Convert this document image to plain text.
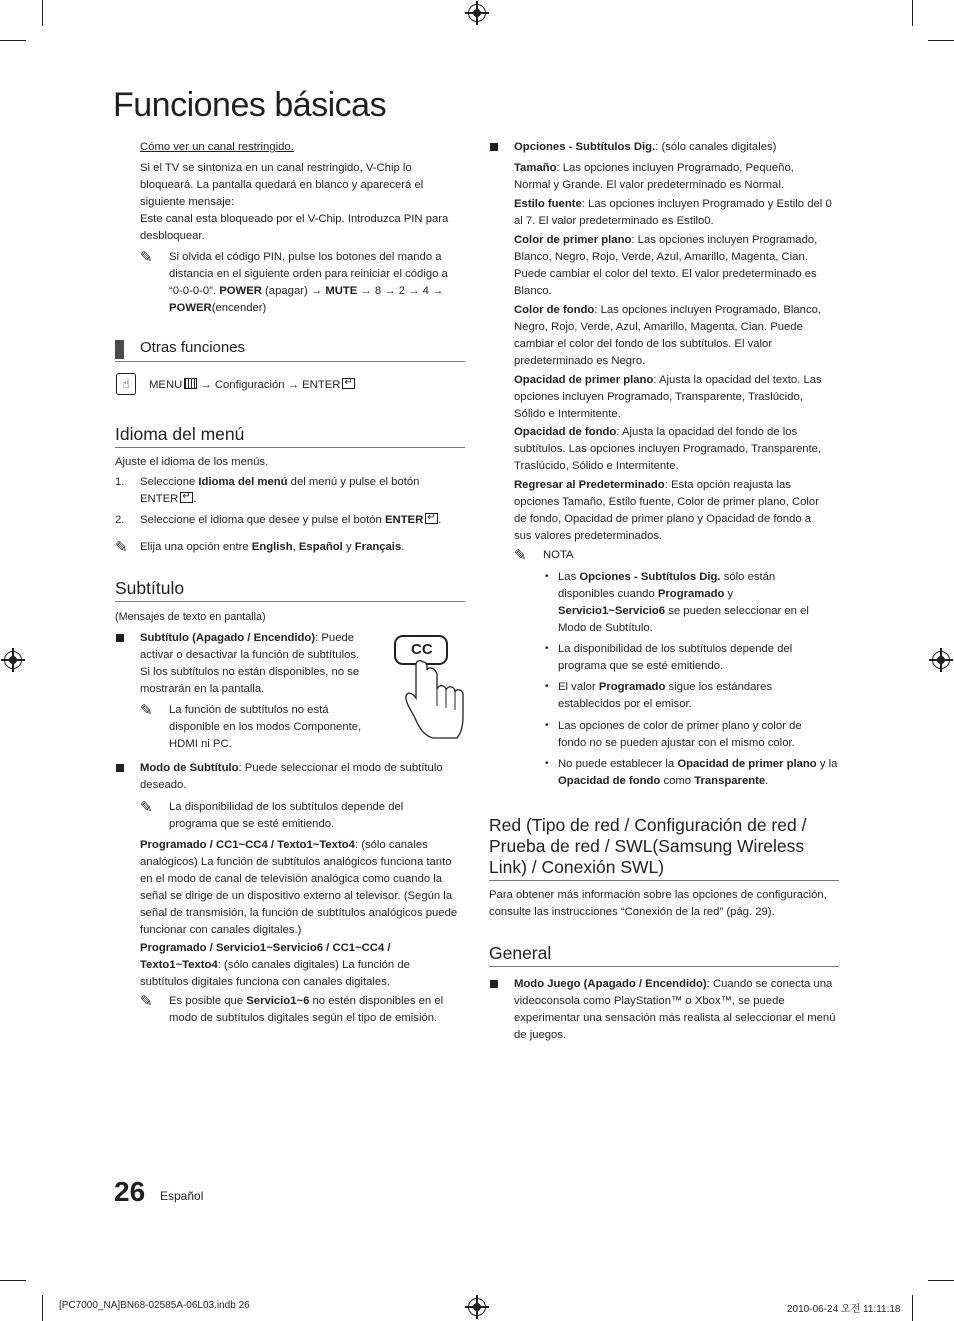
Funciones básicas
Cómo ver un canal restringido.
Si el TV se sintoniza en un canal restringido, V-Chip lo bloqueará. La pantalla quedará en blanco y aparecerá el siguiente mensaje:
Este canal esta bloqueado por el V-Chip. Introduzca PIN para desbloquear.
✎ Si olvida el código PIN, pulse los botones del mando a distancia en el siguiente orden para reiniciar el código a “0-0-0-0”. POWER (apagar) → MUTE → 8 → 2 → 4 → POWER(encender)
Otras funciones
☝	MENU → Configuración → ENTER↵
Idioma del menú
Ajuste el idioma de los menús.
1. Seleccione Idioma del menú del menú y pulse el botón ENTER ↵ .
2. Seleccione el idioma que desee y pulse el botón ENTER ↵ .
✎ Elija una opción entre English, Español y Français.
Subtítulo
(Mensajes de texto en pantalla)
Subtítulo (Apagado / Encendido): Puede activar o desactivar la función de subtítulos. Si los subtítulos no están disponibles, no se mostrarán en la pantalla.
✎ La función de subtítulos no está disponible en los modos Componente, HDMI ni PC.
CC
Modo de Subtítulo: Puede seleccionar el modo de subtítulo deseado.
✎ La disponibilidad de los subtítulos depende del programa que se esté emitiendo.
Programado / CC1~CC4 / Texto1~Texto4: (sólo canales analógicos) La función de subtítulos analógicos funciona tanto en el modo de canal de televisión analógica como cuando la señal se dirige de un dispositivo externo al televisor. (Según la señal de transmisión, la función de subtítulos analógicos puede funcionar con canales digitales.)
Programado / Servicio1~Servicio6 / CC1~CC4 / Texto1~Texto4: (sólo canales digitales) La función de subtítulos digitales funciona con canales digitales.
✎ Es posible que Servicio1~6 no estén disponibles en el modo de subtítulos digitales según el tipo de emisión.
Opciones - Subtítulos Dig.: (sólo canales digitales)
Tamaño: Las opciones incluyen Programado, Pequeño, Normal y Grande. El valor predeterminado es Normal.
Estilo fuente: Las opciones incluyen Programado y Estilo del 0 al 7. El valor predeterminado es Estilo0.
Color de primer plano: Las opciones incluyen Programado, Blanco, Negro, Rojo, Verde, Azul, Amarillo, Magenta, Cian. Puede cambiar el color del texto. El valor predeterminado es Blanco.
Color de fondo: Las opciones incluyen Programado, Blanco, Negro, Rojo, Verde, Azul, Amarillo, Magenta, Cian. Puede cambiar el color del fondo de los subtítulos. El valor predeterminado es Negro.
Opacidad de primer plano: Ajusta la opacidad del texto. Las opciones incluyen Programado, Transparente, Traslúcido, Sólido e Intermitente.
Opacidad de fondo: Ajusta la opacidad del fondo de los subtítulos. Las opciones incluyen Programado, Transparente, Traslúcido, Sólido e Intermitente.
Regresar al Predeterminado: Esta opción reajusta las opciones Tamaño, Estilo fuente, Color de primer plano, Color de fondo, Opacidad de primer plano y Opacidad de fondo a sus valores predeterminados.
✎ NOTA
• Las Opciones - Subtítulos Dig. sólo están disponibles cuando Programado y Servicio1~Servicio6 se pueden seleccionar en el Modo de Subtítulo.
• La disponibilidad de los subtítulos depende del programa que se esté emitiendo.
• El valor Programado sigue los estándares establecidos por el emisor.
• Las opciones de color de primer plano y color de fondo no se pueden ajustar con el mismo color.
• No puede establecer la Opacidad de primer plano y la Opacidad de fondo como Transparente.
Red (Tipo de red / Configuración de red / Prueba de red / SWL(Samsung Wireless Link) / Conexión SWL)
Para obtener más información sobre las opciones de configuración, consulte las instrucciones “Conexión de la red” (pág. 29).
General
Modo Juego (Apagado / Encendido): Cuando se conecta una videoconsola como PlayStation™ o Xbox™, se puede experimentar una sensación más realista al seleccionar el menú de juegos.
26 Español
[PC7000_NA]BN68-02585A-06L03.indb 26	2010-06-24 오전 11:11:18
